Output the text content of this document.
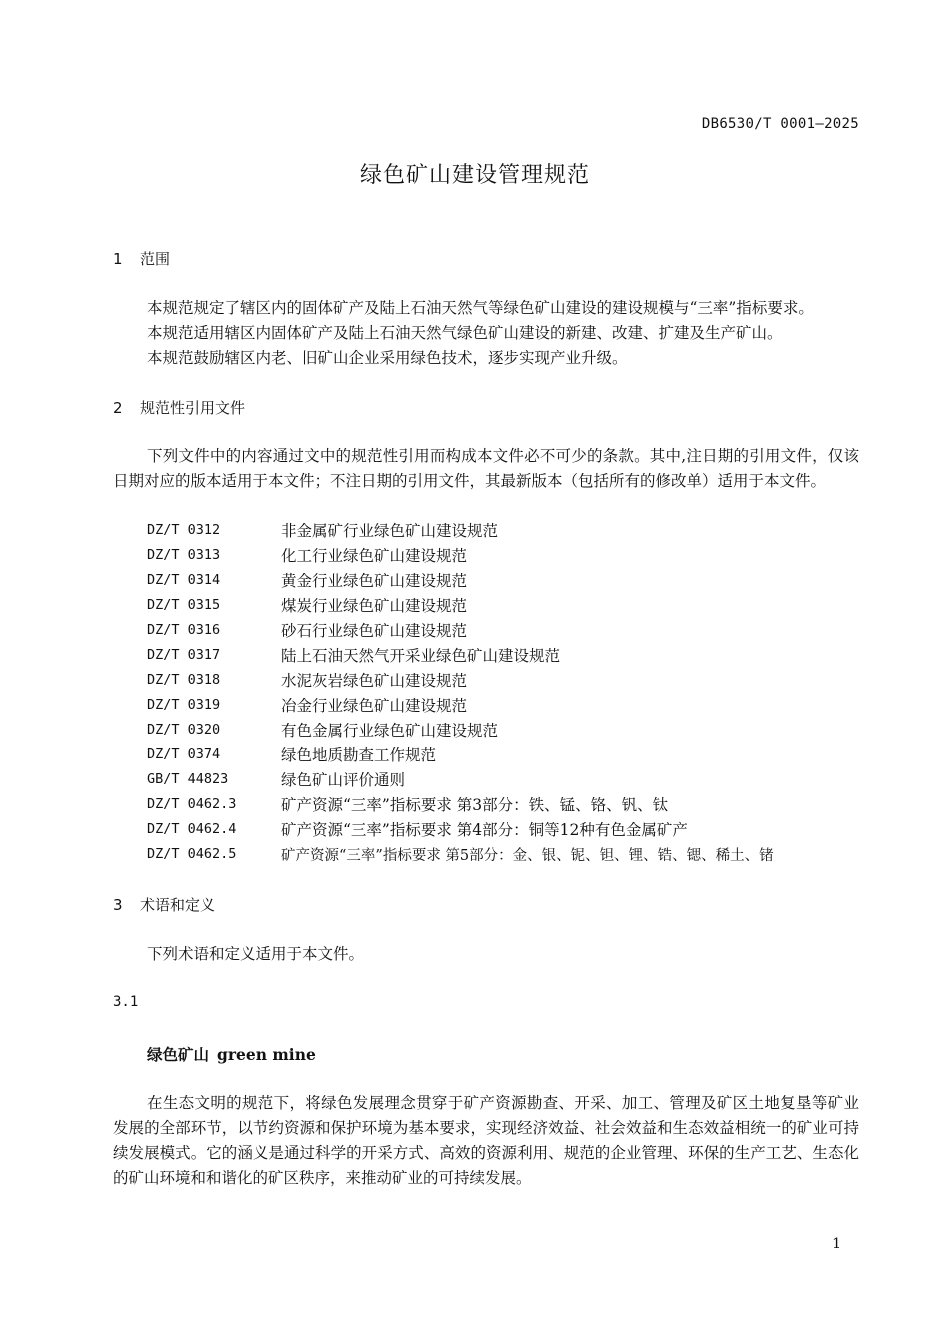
DB6530/T 0001—2025
绿色矿山建设管理规范
1 范围
本规范规定了辖区内的固体矿产及陆上石油天然气等绿色矿山建设的建设规模与“三率”指标要求。
本规范适用辖区内固体矿产及陆上石油天然气绿色矿山建设的新建、改建、扩建及生产矿山。
本规范鼓励辖区内老、旧矿山企业采用绿色技术，逐步实现产业升级。
2 规范性引用文件

下列文件中的内容通过文中的规范性引用而构成本文件必不可少的条款。其中,注日期的引用文件，仅该日期对应的版本适用于本文件；不注日期的引用文件，其最新版本（包括所有的修改单）适用于本文件。

DZ/T 0312	非金属矿行业绿色矿山建设规范
DZ/T 0313	化工行业绿色矿山建设规范
DZ/T 0314	黄金行业绿色矿山建设规范
DZ/T 0315	煤炭行业绿色矿山建设规范
DZ/T 0316	砂石行业绿色矿山建设规范
DZ/T 0317	陆上石油天然气开采业绿色矿山建设规范
DZ/T 0318	水泥灰岩绿色矿山建设规范
DZ/T 0319	冶金行业绿色矿山建设规范
DZ/T 0320	有色金属行业绿色矿山建设规范
DZ/T 0374	绿色地质勘查工作规范
GB/T 44823	绿色矿山评价通则
DZ/T 0462.3	矿产资源“三率”指标要求 第3部分：铁、锰、铬、钒、钛
DZ/T 0462.4	矿产资源“三率”指标要求 第4部分：铜等12种有色金属矿产
DZ/T 0462.5	矿产资源“三率”指标要求 第5部分：金、银、铌、钽、锂、锆、锶、稀土、锗
3 术语和定义
下列术语和定义适用于本文件。
3.1
绿色矿山 green mine

在生态文明的规范下，将绿色发展理念贯穿于矿产资源勘查、开采、加工、管理及矿区土地复垦等矿业发展的全部环节，以节约资源和保护环境为基本要求，实现经济效益、社会效益和生态效益相统一的矿业可持续发展模式。它的涵义是通过科学的开采方式、高效的资源利用、规范的企业管理、环保的生产工艺、生态化的矿山环境和和谐化的矿区秩序，来推动矿业的可持续发展。

1
